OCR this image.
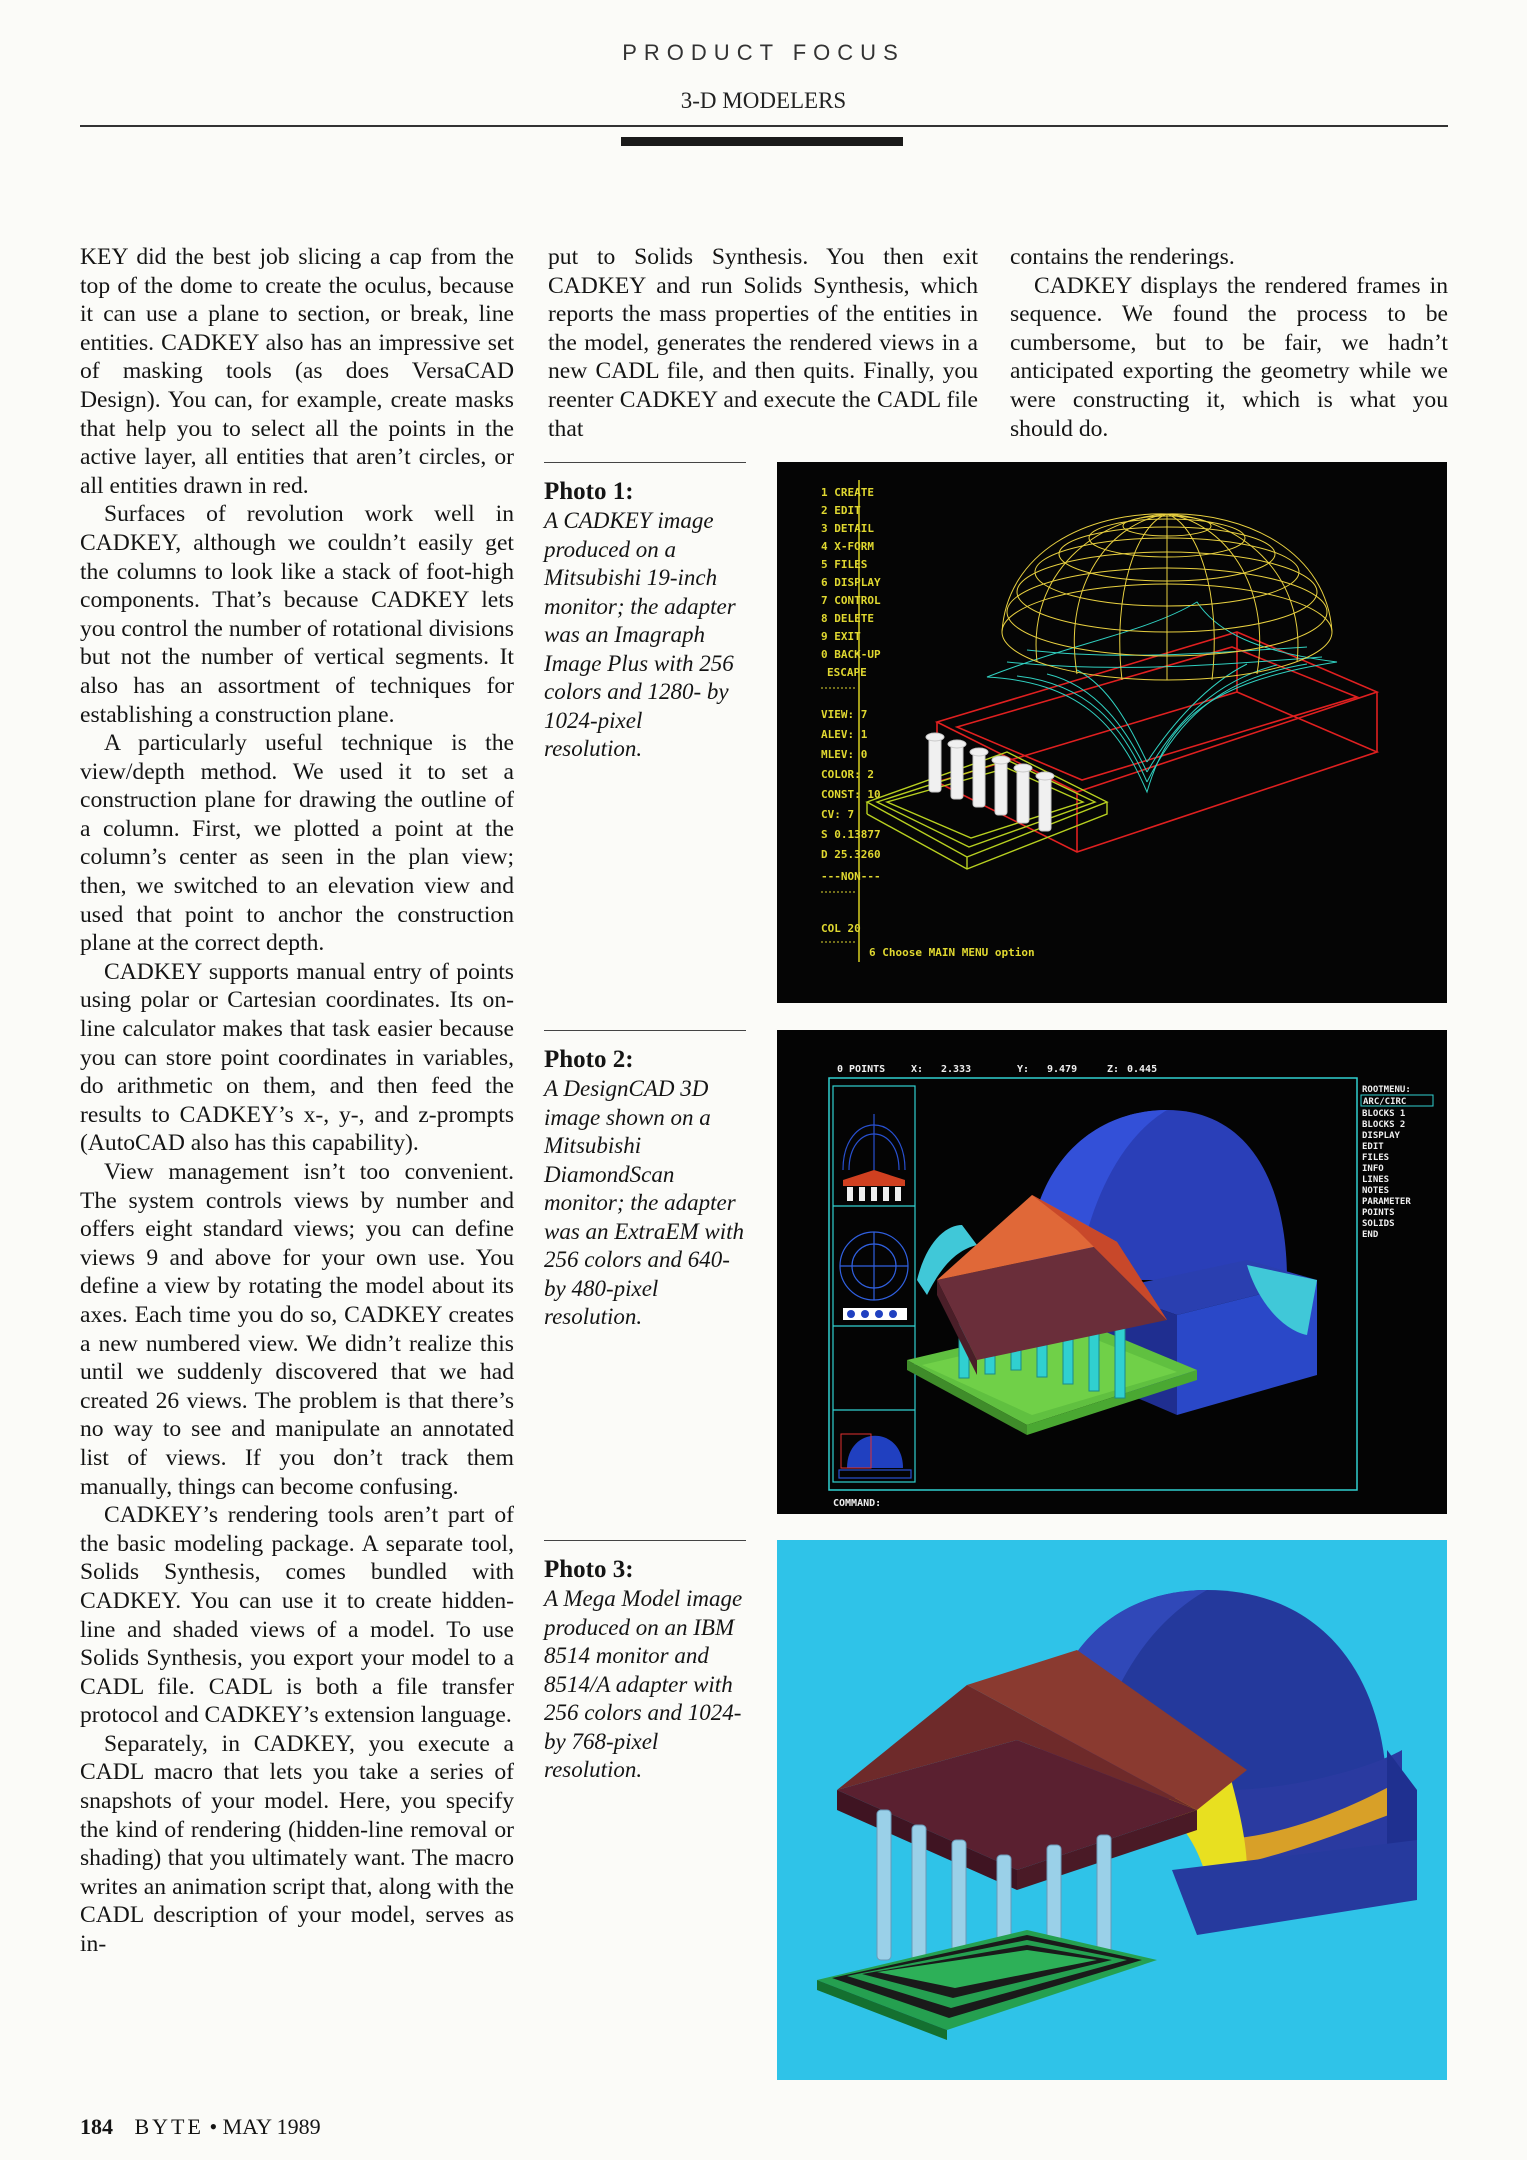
PRODUCT FOCUS
3-D MODELERS

KEY did the best job slicing a cap from the top of the dome to create the oculus, because it can use a plane to section, or break, line entities. CADKEY also has an impressive set of masking tools (as does VersaCAD Design). You can, for example, create masks that help you to select all the points in the active layer, all entities that aren’t circles, or all entities drawn in red.

Surfaces of revolution work well in CADKEY, although we couldn’t easily get the columns to look like a stack of foot-high components. That’s because CADKEY lets you control the number of rotational divisions but not the number of vertical segments. It also has an assortment of techniques for establishing a construction plane.

A particularly useful technique is the view/depth method. We used it to set a construction plane for drawing the outline of a column. First, we plotted a point at the column’s center as seen in the plan view; then, we switched to an elevation view and used that point to anchor the construction plane at the correct depth.

CADKEY supports manual entry of points using polar or Cartesian coordinates. Its on-line calculator makes that task easier because you can store point coordinates in variables, do arithmetic on them, and then feed the results to CADKEY’s x-, y-, and z-prompts (AutoCAD also has this capability).

View management isn’t too convenient. The system controls views by number and offers eight standard views; you can define views 9 and above for your own use. You define a view by rotating the model about its axes. Each time you do so, CADKEY creates a new numbered view. We didn’t realize this until we suddenly discovered that we had created 26 views. The problem is that there’s no way to see and manipulate an annotated list of views. If you don’t track them manually, things can become confusing.

CADKEY’s rendering tools aren’t part of the basic modeling package. A separate tool, Solids Synthesis, comes bundled with CADKEY. You can use it to create hidden-line and shaded views of a model. To use Solids Synthesis, you export your model to a CADL file. CADL is both a file transfer protocol and CADKEY’s extension language.

Separately, in CADKEY, you execute a CADL macro that lets you take a series of snapshots of your model. Here, you specify the kind of rendering (hidden-line removal or shading) that you ultimately want. The macro writes an animation script that, along with the CADL description of your model, serves as in-

put to Solids Synthesis. You then exit CADKEY and run Solids Synthesis, which reports the mass properties of the entities in the model, generates the rendered views in a new CADL file, and then quits. Finally, you reenter CADKEY and execute the CADL file that

contains the renderings.

CADKEY displays the rendered frames in sequence. We found the process to be cumbersome, but to be fair, we hadn’t anticipated exporting the geometry while we were constructing it, which is what you should do.

Photo 1:
A CADKEY image produced on a Mitsubishi 19-inch monitor; the adapter was an Imagraph Image Plus with 256 colors and 1280- by 1024-pixel resolution.
Photo 2:
A DesignCAD 3D image shown on a Mitsubishi DiamondScan monitor; the adapter was an ExtraEM with 256 colors and 640- by 480-pixel resolution.
Photo 3:
A Mega Model image produced on an IBM 8514 monitor and 8514/A adapter with 256 colors and 1024- by 768-pixel resolution.
1 CREATE
2 EDIT
3 DETAIL
4 X-FORM
5 FILES
6 DISPLAY
7 CONTROL
8 DELETE
9 EXIT
0 BACK-UP
ESCAPE
VIEW: 7
ALEV: 1
MLEV: 0
COLOR: 2
CONST: 10
CV: 7
S 0.13877
D 25.3260
---NON---
COL 20
6 Choose MAIN MENU option
0 POINTS	X: 2.333	Y: 9.479	Z: 0.445
COMMAND:
ROOTMENU:
ARC/CIRC
BLOCKS 1
BLOCKS 2
DISPLAY
EDIT
FILES
INFO
LINES
NOTES
PARAMETER
POINTS
SOLIDS
END
184 BYTE • MAY 1989
